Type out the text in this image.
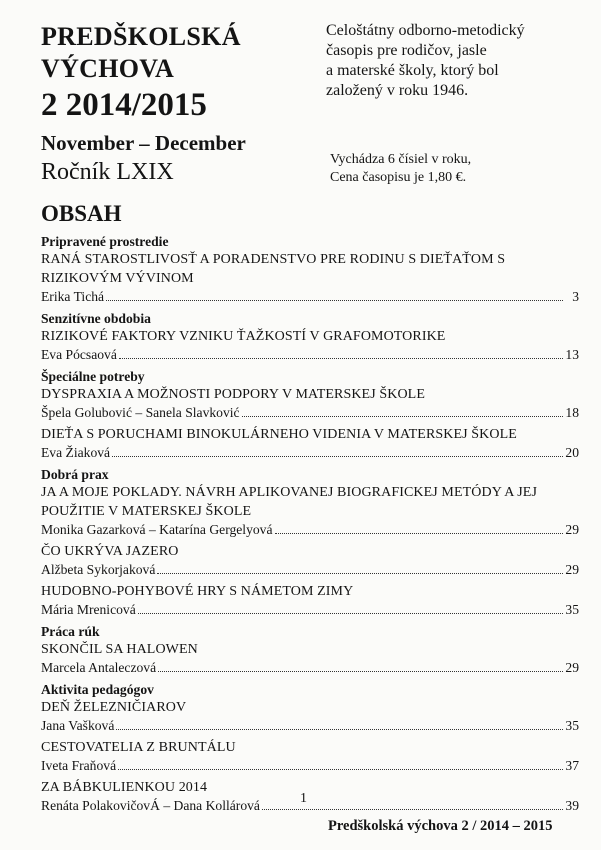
PREDŠKOLSKÁ
VÝCHOVA
2 2014/2015
November – December
Ročník LXIX
Celoštátny odborno-metodický
časopis pre rodičov, jasle
a materské školy, ktorý bol
založený v roku 1946.
Vychádza 6 čísiel v roku,
Cena časopisu je 1,80 €.
OBSAH
Pripravené prostredie
RANÁ STAROSTLIVOSŤ A PORADENSTVO PRE RODINU S DIEŤAŤOM S RIZIKOVÝM VÝVINOM
Erika Tichá	3
Senzitívne obdobia
RIZIKOVÉ FAKTORY VZNIKU ŤAŽKOSTÍ V GRAFOMOTORIKE
Eva Pócsaová	13
Špeciálne potreby
DYSPRAXIA A MOŽNOSTI PODPORY V MATERSKEJ ŠKOLE
Špela Golubović – Sanela Slavković	18
DIEŤA S PORUCHAMI BINOKULÁRNEHO VIDENIA V MATERSKEJ ŠKOLE
Eva Žiaková	20
Dobrá prax
JA A MOJE POKLADY. NÁVRH APLIKOVANEJ BIOGRAFICKEJ METÓDY A JEJ POUŽITIE V MATERSKEJ ŠKOLE
Monika Gazarková – Katarína Gergelyová	29
ČO UKRÝVA JAZERO
Alžbeta Sykorjaková	29
HUDOBNO-POHYBOVÉ HRY S NÁMETOM ZIMY
Mária Mrenicová	35
Práca rúk
SKONČIL SA HALOWEN
Marcela Antaleczová	29
Aktivita pedagógov
DEŇ ŽELEZNIČIAROV
Jana Vašková	35
CESTOVATELIA Z BRUNTÁLU
Iveta Fraňová	37
ZA BÁBKULIENKOU 2014
Renáta PolakovičovÁ – Dana Kollárová	39
1
Predškolská výchova 2 / 2014 – 2015
